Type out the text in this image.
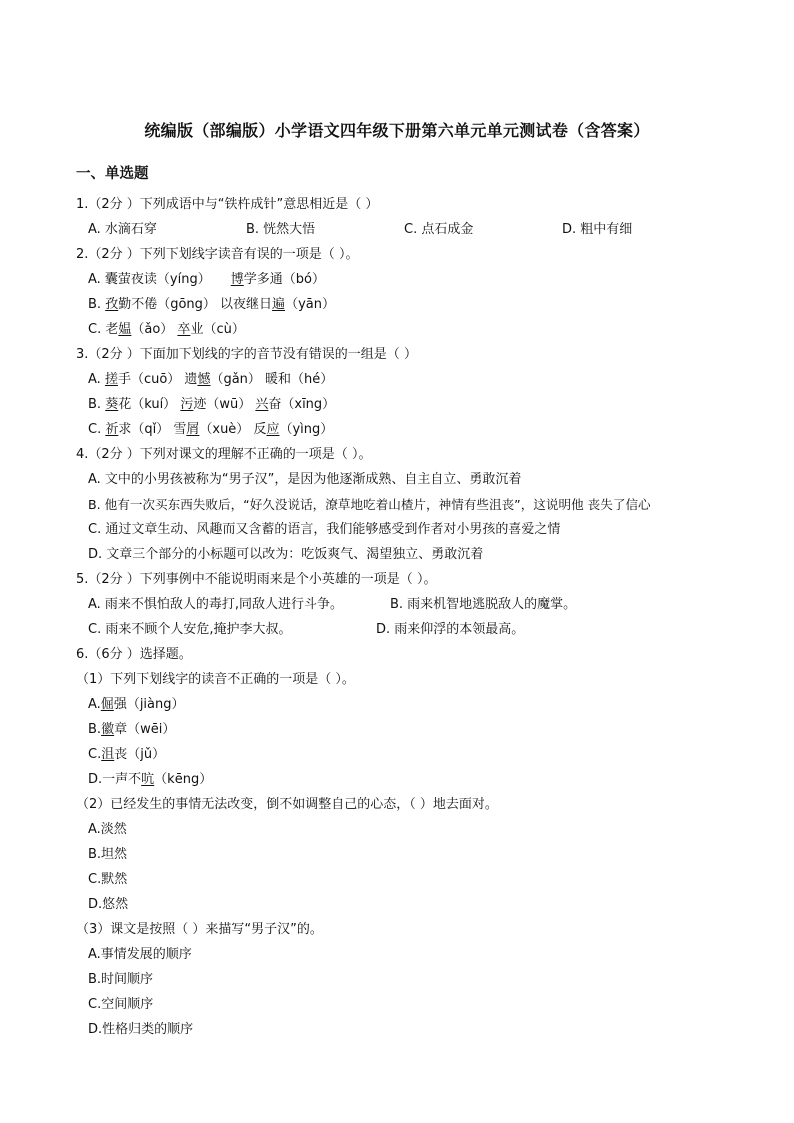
统编版（部编版）小学语文四年级下册第六单元单元测试卷（含答案）
一、单选题
1.（2分 ）下列成语中与“铁杵成针”意思相近是（ ）
A. 水滴石穿	B. 恍然大悟	C. 点石成金	D. 粗中有细
2.（2分 ）下列下划线字读音有误的一项是（ ）。
A. 囊萤夜读（yíng） 博学多通（bó）
B. 孜勤不倦（gōng） 以夜继日遍（yān）
C. 老媪（ǎo） 卒业（cù）
3.（2分 ）下面加下划线的字的音节没有错误的一组是（ ）
A. 搓手（cuō） 遗憾（gǎn） 暖和（hé）
B. 葵花（kuí） 污迹（wū） 兴奋（xīng）
C. 祈求（qǐ） 雪屑（xuè） 反应（yìng）
4.（2分 ）下列对课文的理解不正确的一项是（ ）。
A. 文中的小男孩被称为“男子汉”，是因为他逐渐成熟、自主自立、勇敢沉着
B. 他有一次买东西失败后，“好久没说话，潦草地吃着山楂片，神情有些沮丧”，这说明他 丧失了信心
C. 通过文章生动、风趣而又含蓄的语言，我们能够感受到作者对小男孩的喜爱之情
D. 文章三个部分的小标题可以改为：吃饭爽气、渴望独立、勇敢沉着
5.（2分 ）下列事例中不能说明雨来是个小英雄的一项是（ ）。
A. 雨来不惧怕敌人的毒打,同敌人进行斗争。	B. 雨来机智地逃脱敌人的魔掌。
C. 雨来不顾个人安危,掩护李大叔。	D. 雨来仰浮的本领最高。
6.（6分 ）选择题。
（1）下列下划线字的读音不正确的一项是（ ）。
A.倔强（jiàng）
B.徽章（wēi）
C.沮丧（jǔ）
D.一声不吭（kēng）
（2）已经发生的事情无法改变，倒不如调整自己的心态，（ ）地去面对。
A.淡然
B.坦然
C.默然
D.悠然
（3）课文是按照（ ）来描写“男子汉”的。
A.事情发展的顺序
B.时间顺序
C.空间顺序
D.性格归类的顺序
